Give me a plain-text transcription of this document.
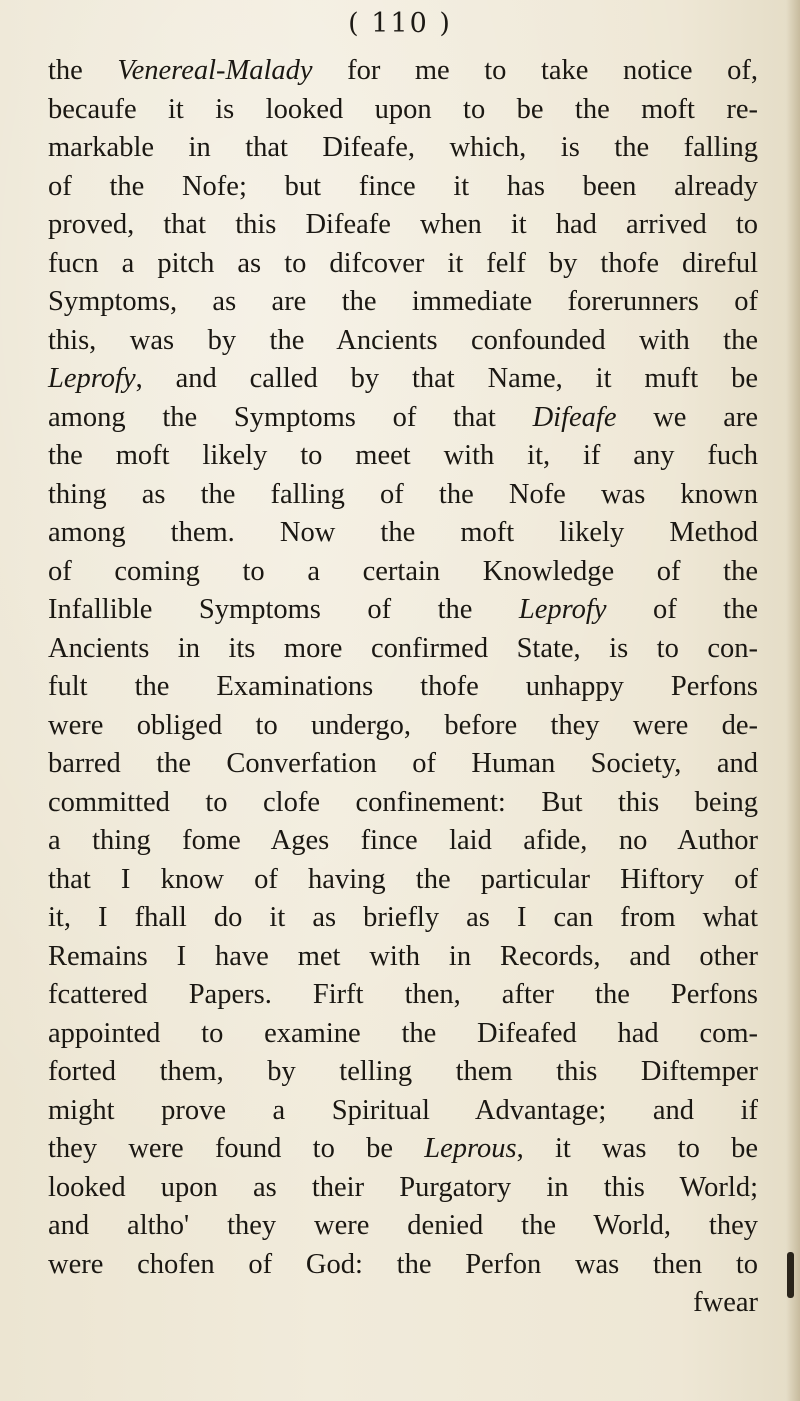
( 110 )
the Venereal-Malady for me to take notice of,
becaufe it is looked upon to be the moft re-
markable in that Difeafe, which, is the falling
of the Nofe; but fince it has been already
proved, that this Difeafe when it had arrived to
fucn a pitch as to difcover it felf by thofe direful
Symptoms, as are the immediate forerunners of
this, was by the Ancients confounded with the
Leprofy, and called by that Name, it muft be
among the Symptoms of that Difeafe we are
the moft likely to meet with it, if any fuch
thing as the falling of the Nofe was known
among them. Now the moft likely Method
of coming to a certain Knowledge of the
Infallible Symptoms of the Leprofy of the
Ancients in its more confirmed State, is to con-
fult the Examinations thofe unhappy Perfons
were obliged to undergo, before they were de-
barred the Converfation of Human Society, and
committed to clofe confinement: But this being
a thing fome Ages fince laid afide, no Author
that I know of having the particular Hiftory of
it, I fhall do it as briefly as I can from what
Remains I have met with in Records, and other
fcattered Papers. Firft then, after the Perfons
appointed to examine the Difeafed had com-
forted them, by telling them this Diftemper
might prove a Spiritual Advantage; and if
they were found to be Leprous, it was to be
looked upon as their Purgatory in this World;
and altho' they were denied the World, they
were chofen of God: the Perfon was then to
fwear
